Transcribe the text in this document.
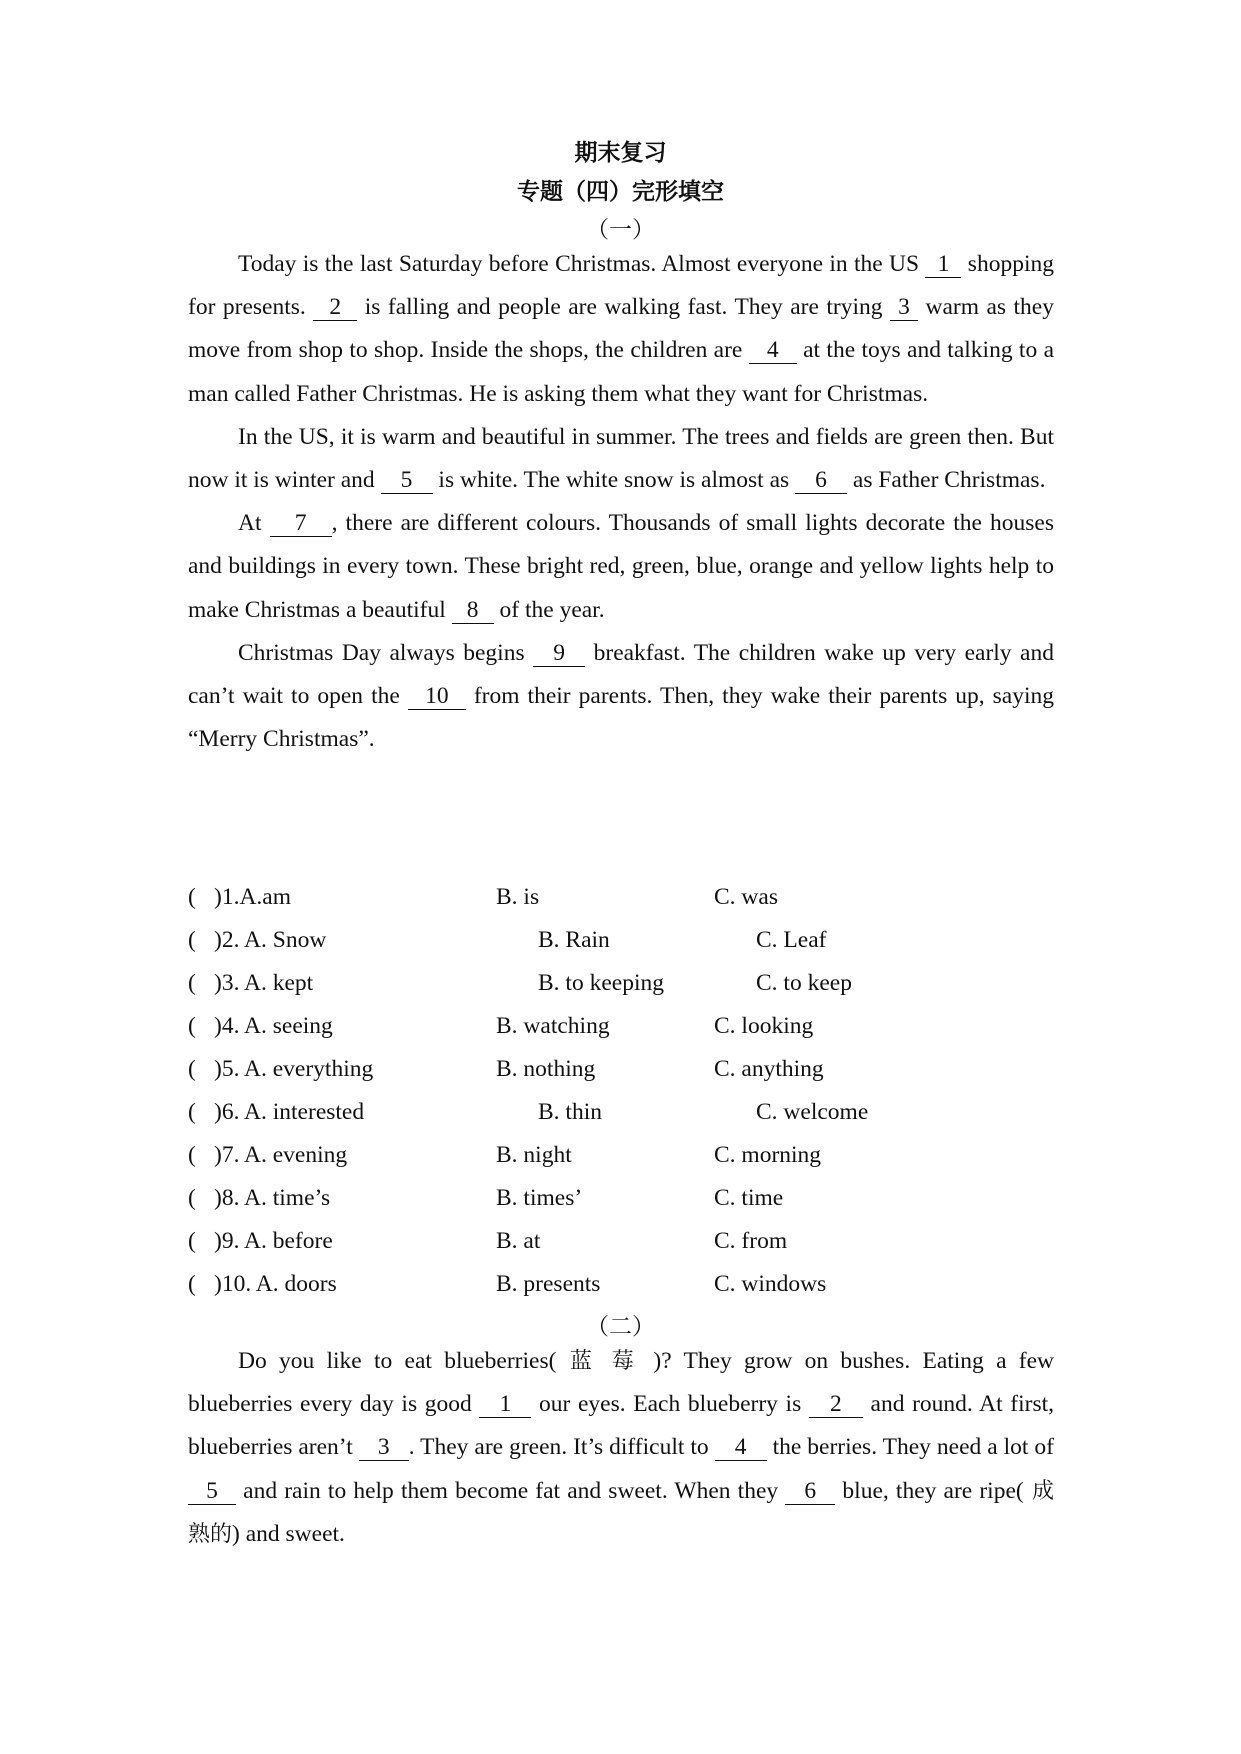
期末复习
专题（四）完形填空
（一）

Today is the last Saturday before Christmas. Almost everyone in the US 1 shopping for presents. 2 is falling and people are walking fast. They are trying 3 warm as they move from shop to shop. Inside the shops, the children are 4 at the toys and talking to a man called Father Christmas. He is asking them what they want for Christmas.

In the US, it is warm and beautiful in summer. The trees and fields are green then. But now it is winter and 5 is white. The white snow is almost as 6 as Father Christmas.

At 7 , there are different colours. Thousands of small lights decorate the houses and buildings in every town. These bright red, green, blue, orange and yellow lights help to make Christmas a beautiful 8 of the year.

Christmas Day always begins 9 breakfast. The children wake up very early and can’t wait to open the 10 from their parents. Then, they wake their parents up, saying “Merry Christmas”.

( )1.A.am	B. is	C. was
( )2. A. Snow	B. Rain	C. Leaf
( )3. A. kept	B. to keeping	C. to keep
( )4. A. seeing	B. watching	C. looking
( )5. A. everything	B. nothing	C. anything
( )6. A. interested	B. thin	C. welcome
( )7. A. evening	B. night	C. morning
( )8. A. time’s	B. times’	C. time
( )9. A. before	B. at	C. from
( )10. A. doors	B. presents	C. windows
（二）

Do you like to eat blueberries( 蓝 莓 )? They grow on bushes. Eating a few blueberries every day is good 1 our eyes. Each blueberry is 2 and round. At first, blueberries aren’t 3 . They are green. It’s difficult to 4 the berries. They need a lot of 5 and rain to help them become fat and sweet. When they 6 blue, they are ripe( 成熟的) and sweet.
